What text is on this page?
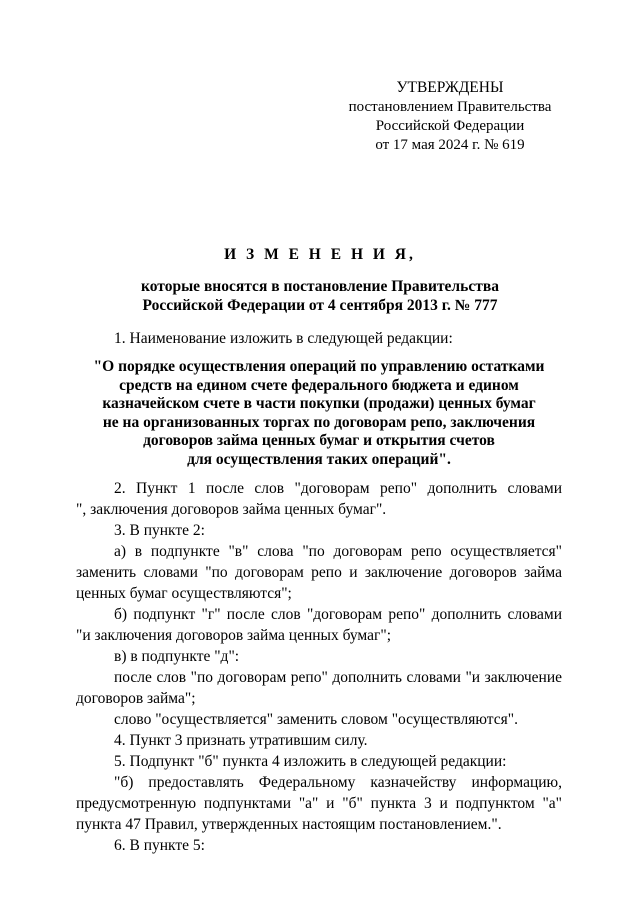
УТВЕРЖДЕНЫ
постановлением Правительства
Российской Федерации
от 17 мая 2024 г. № 619
И З М Е Н Е Н И Я,
которые вносятся в постановление Правительства
Российской Федерации от 4 сентября 2013 г. № 777

1. Наименование изложить в следующей редакции:

"О порядке осуществления операций по управлению остатками

средств на едином счете федерального бюджета и едином

казначейском счете в части покупки (продажи) ценных бумаг

не на организованных торгах по договорам репо, заключения

договоров займа ценных бумаг и открытия счетов

для осуществления таких операций".

2. Пункт 1 после слов "договорам репо" дополнить словами

", заключения договоров займа ценных бумаг".

3. В пункте 2:

а) в подпункте "в" слова "по договорам репо осуществляется"

заменить словами "по договорам репо и заключение договоров займа

ценных бумаг осуществляются";

б) подпункт "г" после слов "договорам репо" дополнить словами

"и заключения договоров займа ценных бумаг";

в) в подпункте "д":

после слов "по договорам репо" дополнить словами "и заключение

договоров займа";

слово "осуществляется" заменить словом "осуществляются".

4. Пункт 3 признать утратившим силу.

5. Подпункт "б" пункта 4 изложить в следующей редакции:

"б) предоставлять Федеральному казначейству информацию,

предусмотренную подпунктами "а" и "б" пункта 3 и подпунктом "а"

пункта 47 Правил, утвержденных настоящим постановлением.".

6. В пункте 5:
